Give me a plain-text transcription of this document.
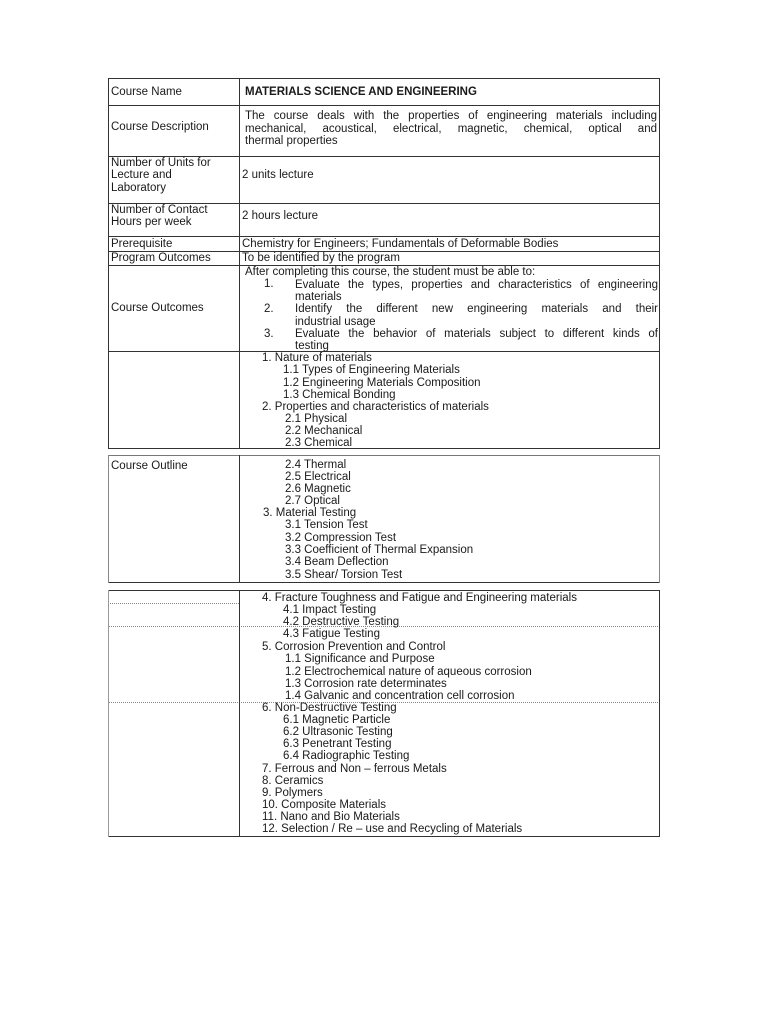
Course Name
Course Description
Number of Units for
Lecture and
Laboratory
Number of Contact
Hours per week
Prerequisite
Program Outcomes
Course Outcomes
Course Outline
MATERIALS SCIENCE AND ENGINEERING
The course deals with the properties of engineering materials including
mechanical, acoustical, electrical, magnetic, chemical, optical and
thermal properties
2 units lecture
2 hours lecture
Chemistry for Engineers; Fundamentals of Deformable Bodies
To be identified by the program
After completing this course, the student must be able to:
1. Evaluate the types, properties and characteristics of engineering
materials
2. Identify the different new engineering materials and their
industrial usage
3. Evaluate the behavior of materials subject to different kinds of
testing
1. Nature of materials
1.1 Types of Engineering Materials
1.2 Engineering Materials Composition
1.3 Chemical Bonding
2. Properties and characteristics of materials
2.1 Physical
2.2 Mechanical
2.3 Chemical
2.4 Thermal
2.5 Electrical
2.6 Magnetic
2.7 Optical
3. Material Testing
3.1 Tension Test
3.2 Compression Test
3.3 Coefficient of Thermal Expansion
3.4 Beam Deflection
3.5 Shear/ Torsion Test
4. Fracture Toughness and Fatigue and Engineering materials
4.1 Impact Testing
4.2 Destructive Testing
4.3 Fatigue Testing
5. Corrosion Prevention and Control
1.1 Significance and Purpose
1.2 Electrochemical nature of aqueous corrosion
1.3 Corrosion rate determinates
1.4 Galvanic and concentration cell corrosion
6. Non-Destructive Testing
6.1 Magnetic Particle
6.2 Ultrasonic Testing
6.3 Penetrant Testing
6.4 Radiographic Testing
7. Ferrous and Non – ferrous Metals
8. Ceramics
9. Polymers
10. Composite Materials
11. Nano and Bio Materials
12. Selection / Re – use and Recycling of Materials
